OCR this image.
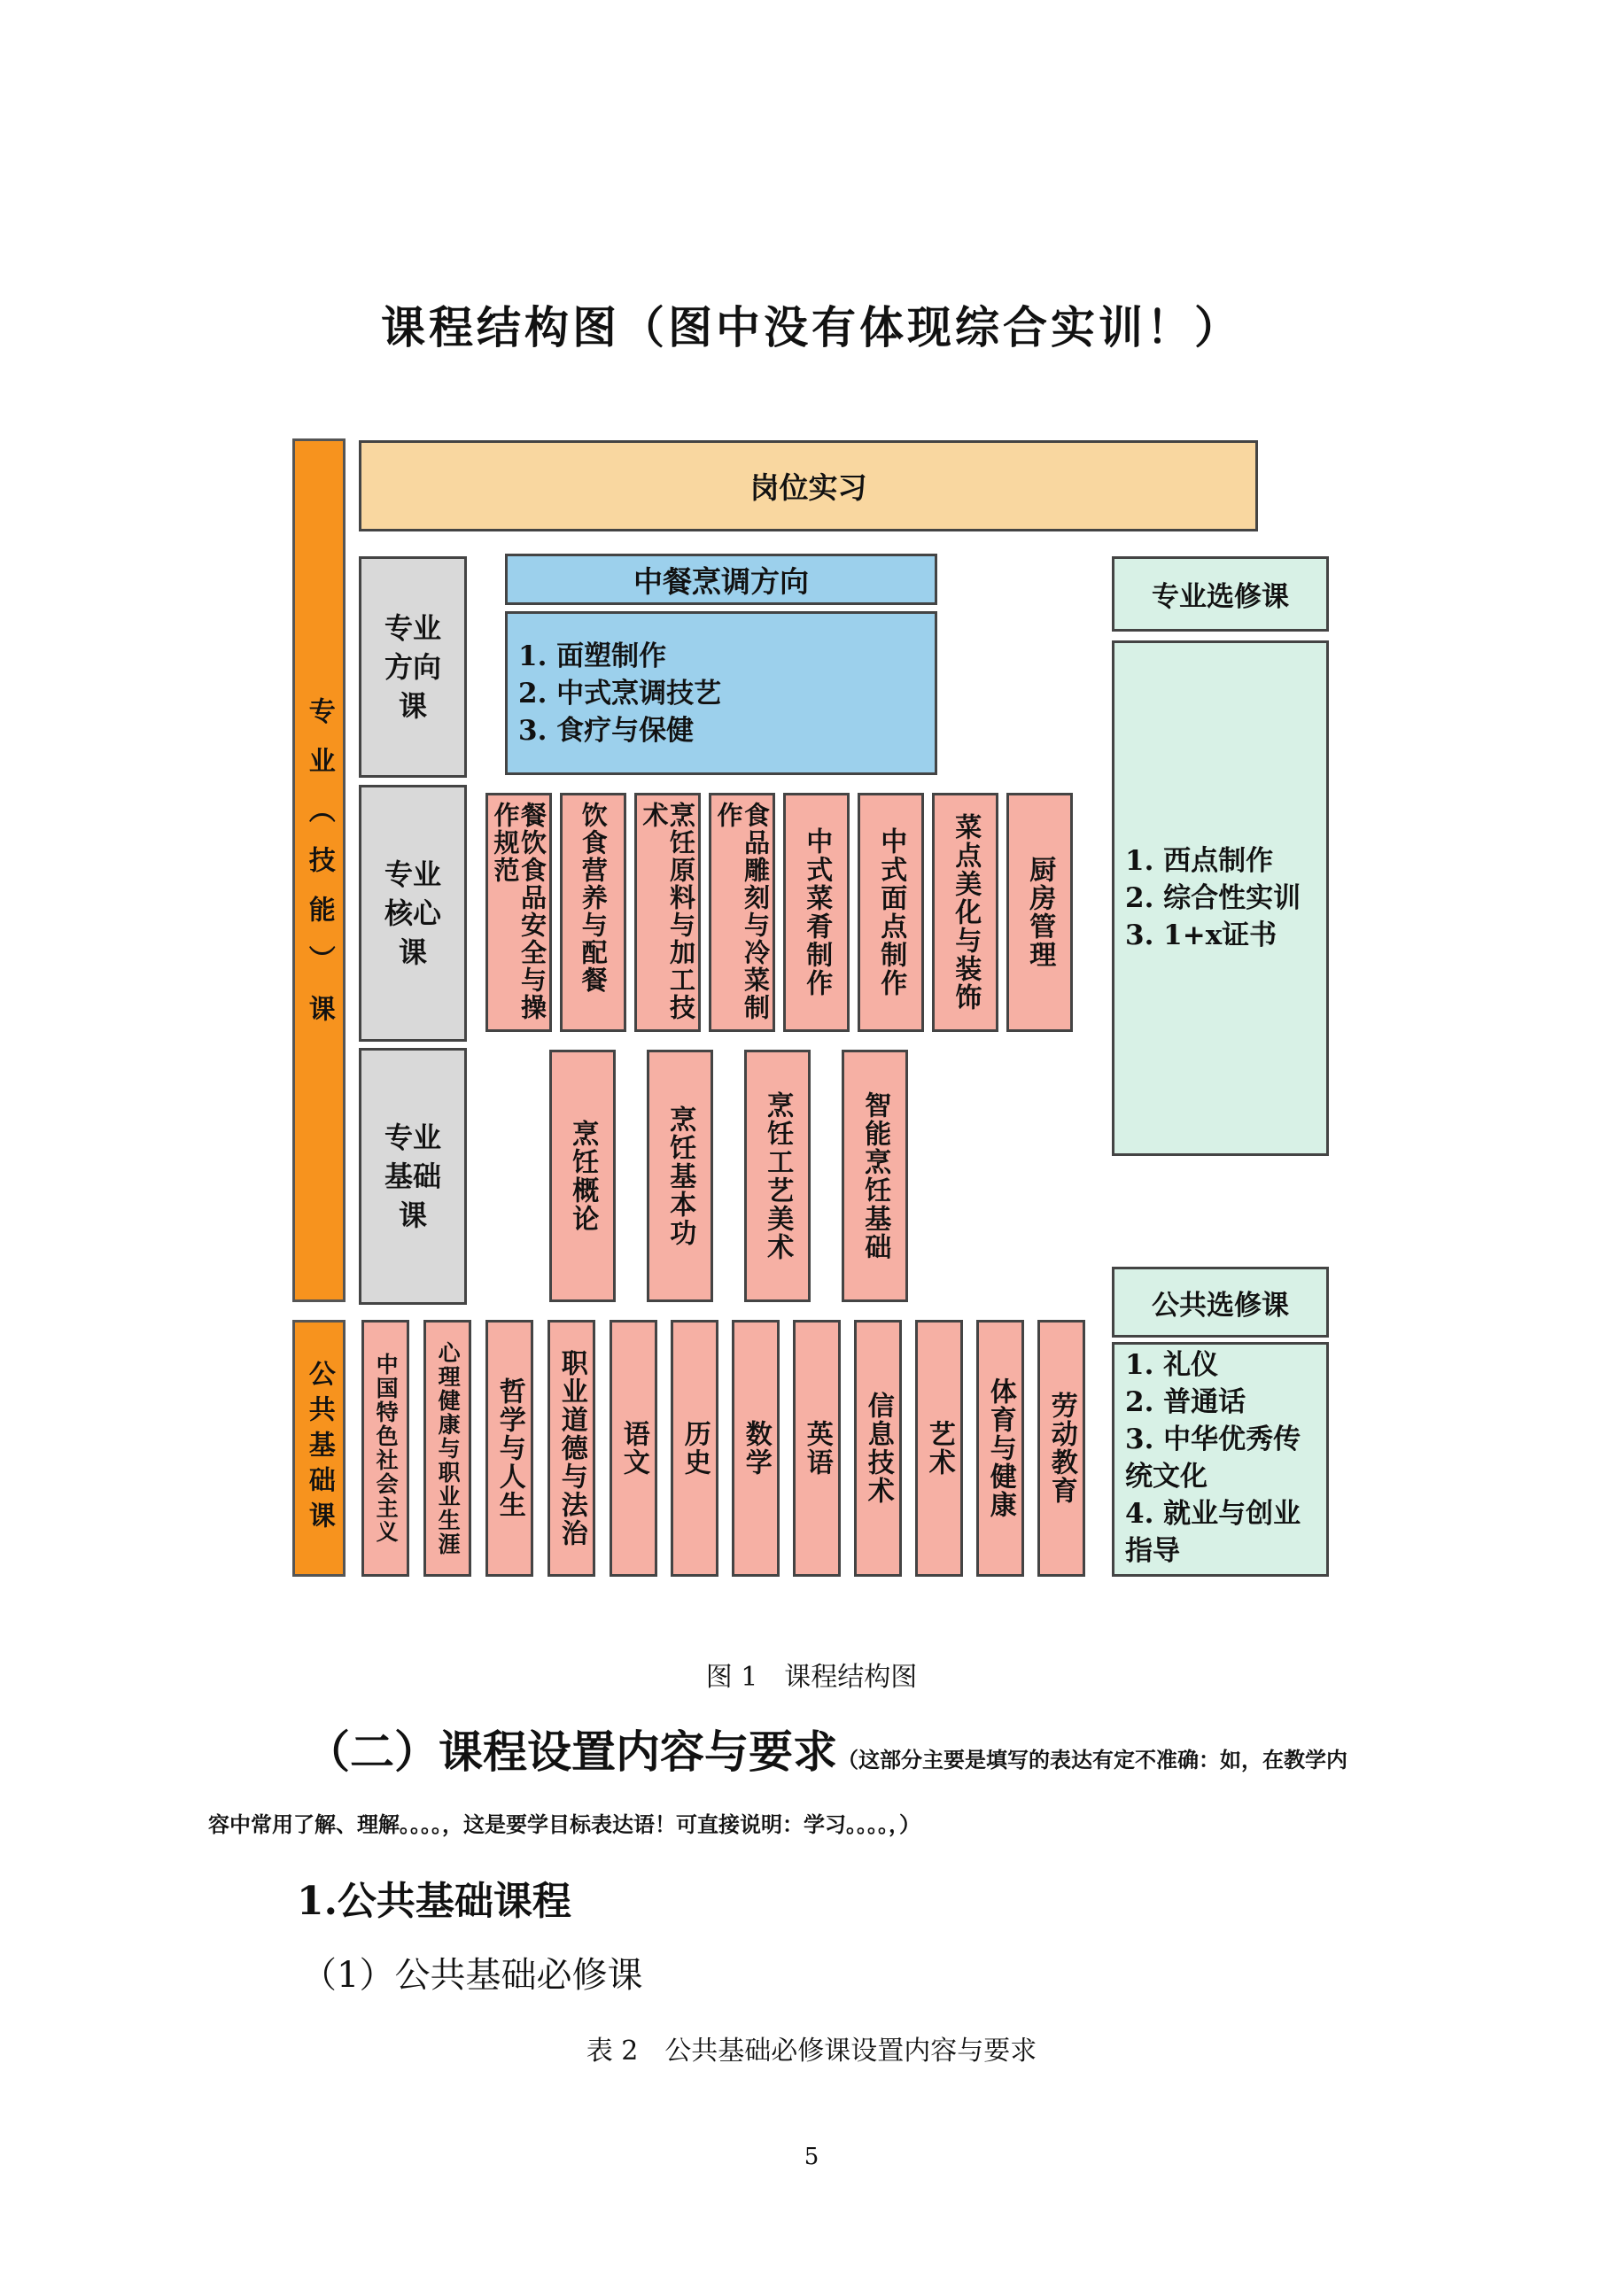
课程结构图（图中没有体现综合实训！）
专业（技能）课
公共基础课
岗位实习
专业方向课
专业核心课
专业基础课
中餐烹调方向
1. 面塑制作
2. 中式烹调技艺
3. 食疗与保健
餐饮食品安全与操作规范	饮食营养与配餐	烹饪原料与加工技术	食品雕刻与冷菜制作
中式菜肴制作 中式面点制作 菜点美化与装饰 厨房管理
烹饪概论	烹饪基本功	烹饪工艺美术	智能烹饪基础
中国特色社会主义 心理健康与职业生涯 哲学与人生 职业道德与法治 语文 历史 数学 英语 信息技术 艺术 体育与健康 劳动教育
专业选修课
1. 西点制作
2. 综合性实训
3. 1+x证书
公共选修课
1. 礼仪
2. 普通话
3. 中华优秀传
统文化
4. 就业与创业
指导
图 1　课程结构图
（二）课程设置内容与要求（这部分主要是填写的表达有定不准确：如，在教学内
容中常用了解、理解。。。。，这是要学目标表达语！可直接说明：学习。。。。，）
1.公共基础课程
（1）公共基础必修课
表 2　公共基础必修课设置内容与要求
5
